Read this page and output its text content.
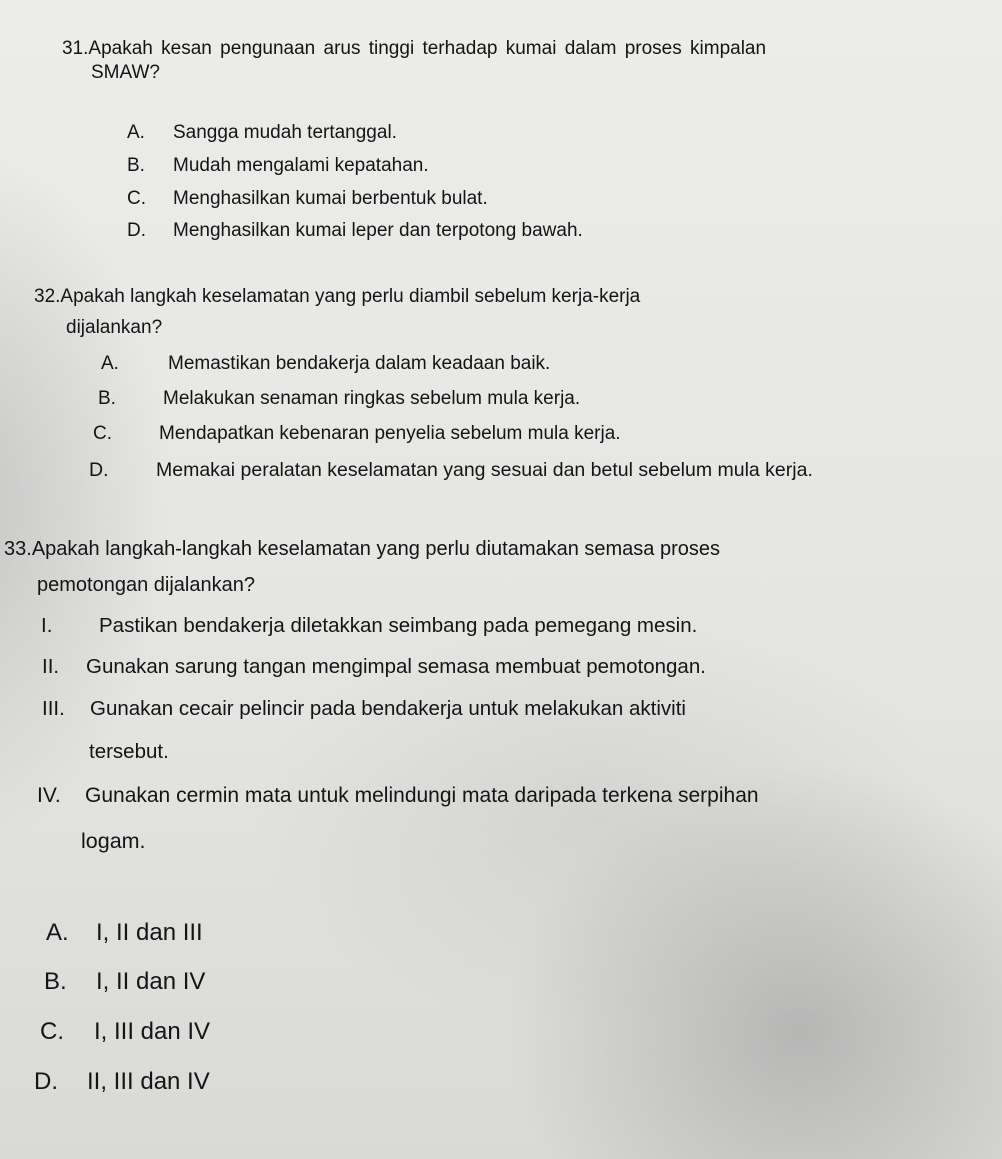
31.Apakah kesan pengunaan arus tinggi terhadap kumai dalam proses kimpalan

SMAW?

A. Sangga mudah tertanggal.

B. Mudah mengalami kepatahan.

C. Menghasilkan kumai berbentuk bulat.

D. Menghasilkan kumai leper dan terpotong bawah.

32.Apakah langkah keselamatan yang perlu diambil sebelum kerja-kerja

dijalankan?

A.	Memastikan bendakerja dalam keadaan baik.

B. Melakukan senaman ringkas sebelum mula kerja.

C. Mendapatkan kebenaran penyelia sebelum mula kerja.

D. Memakai peralatan keselamatan yang sesuai dan betul sebelum mula kerja.

33.Apakah langkah-langkah keselamatan yang perlu diutamakan semasa proses

pemotongan dijalankan?

I. Pastikan bendakerja diletakkan seimbang pada pemegang mesin.

II. Gunakan sarung tangan mengimpal semasa membuat pemotongan.

III. Gunakan cecair pelincir pada bendakerja untuk melakukan aktiviti

tersebut.

IV. Gunakan cermin mata untuk melindungi mata daripada terkena serpihan

logam.

A. I, II dan III

B. I, II dan IV

C. I, III dan IV

D. II, III dan IV
